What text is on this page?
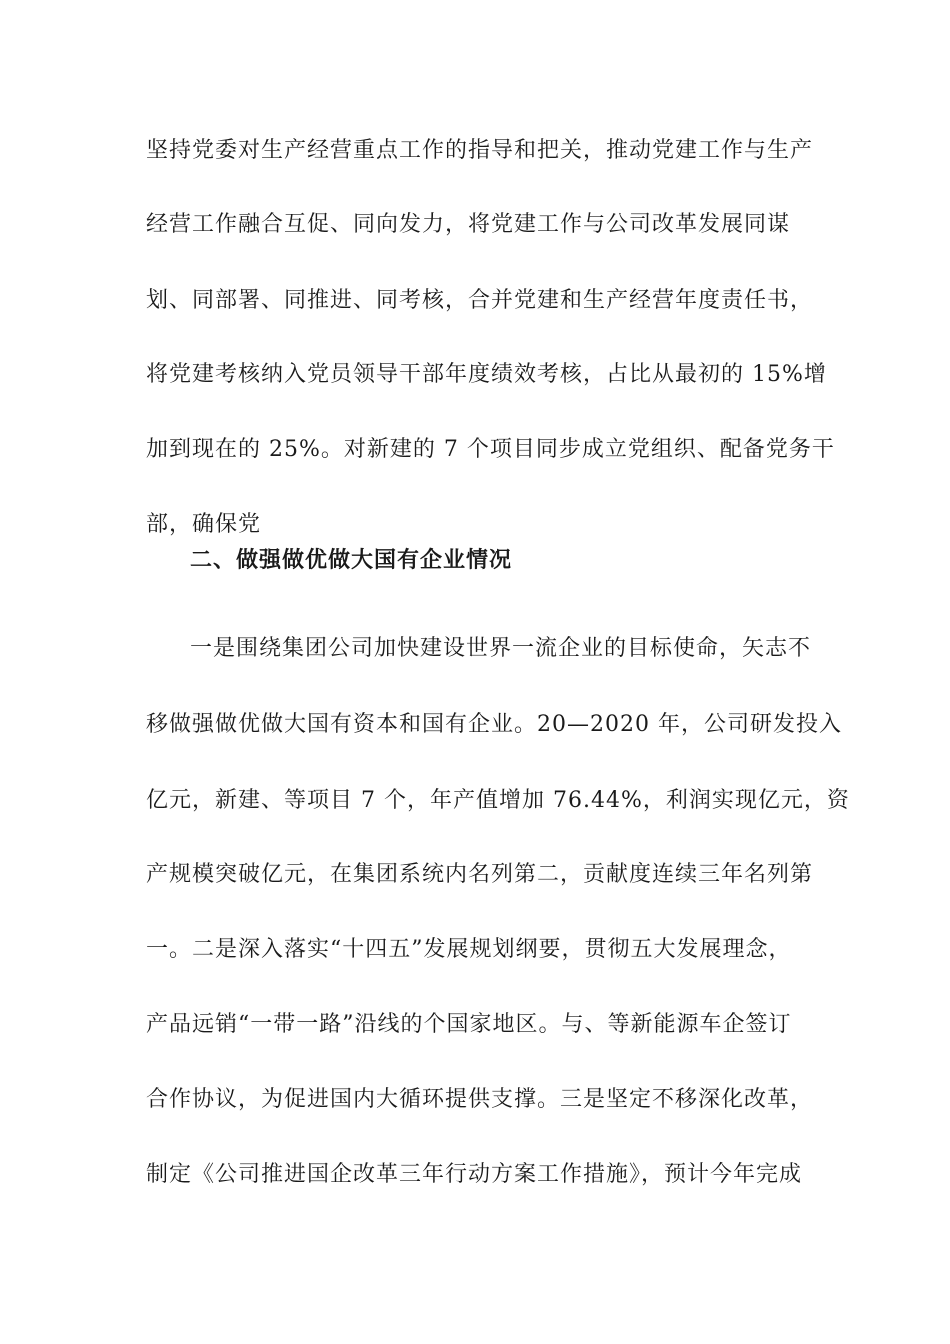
坚持党委对生产经营重点工作的指导和把关，推动党建工作与生产
经营工作融合互促、同向发力，将党建工作与公司改革发展同谋
划、同部署、同推进、同考核，合并党建和生产经营年度责任书，
将党建考核纳入党员领导干部年度绩效考核，占比从最初的 15%增
加到现在的 25%。对新建的 7 个项目同步成立党组织、配备党务干
部，确保党
二、做强做优做大国有企业情况
一是围绕集团公司加快建设世界一流企业的目标使命，矢志不
移做强做优做大国有资本和国有企业。20—2020 年，公司研发投入
亿元，新建、等项目 7 个，年产值增加 76.44%，利润实现亿元，资
产规模突破亿元，在集团系统内名列第二，贡献度连续三年名列第
一。二是深入落实“十四五”发展规划纲要，贯彻五大发展理念，
产品远销“一带一路”沿线的个国家地区。与、等新能源车企签订
合作协议，为促进国内大循环提供支撑。三是坚定不移深化改革，
制定《公司推进国企改革三年行动方案工作措施》，预计今年完成
